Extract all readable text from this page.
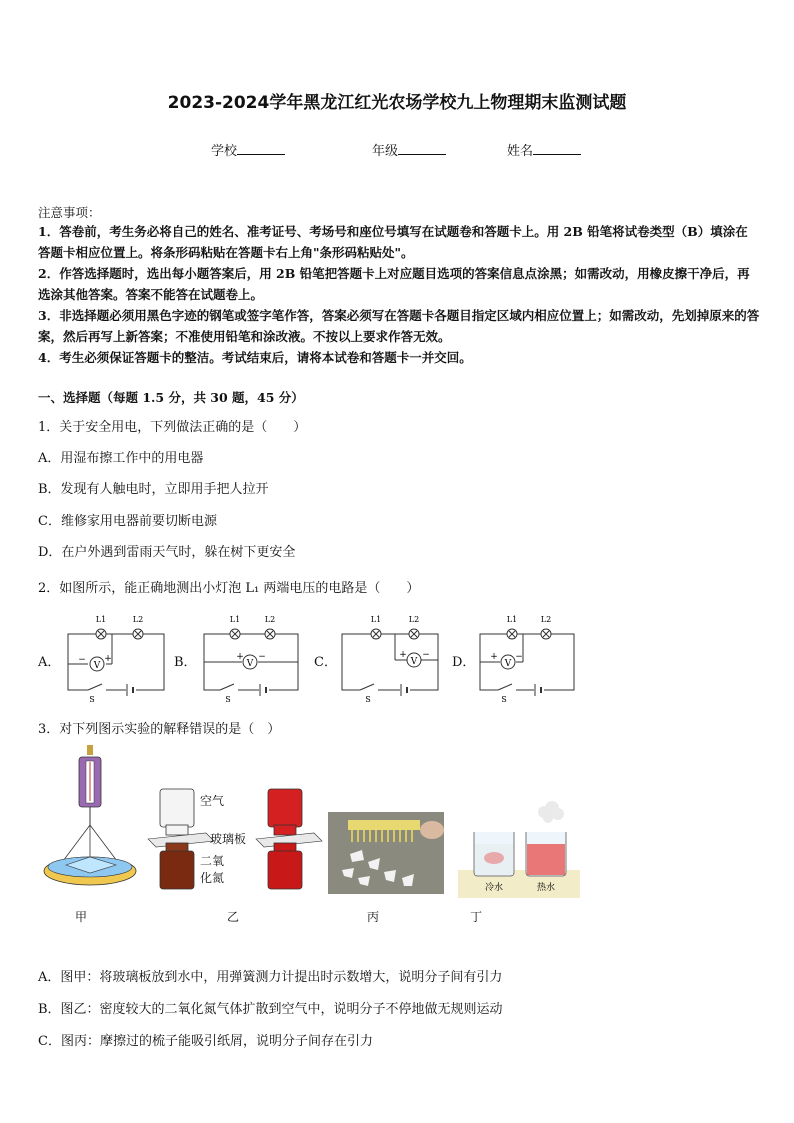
2023-2024学年黑龙江红光农场学校九上物理期末监测试题
学校	年级	姓名
注意事项：
1．答卷前，考生务必将自己的姓名、准考证号、考场号和座位号填写在试题卷和答题卡上。用 2B 铅笔将试卷类型（B）填涂在答题卡相应位置上。将条形码粘贴在答题卡右上角"条形码粘贴处"。
2．作答选择题时，选出每小题答案后，用 2B 铅笔把答题卡上对应题目选项的答案信息点涂黑；如需改动，用橡皮擦干净后，再选涂其他答案。答案不能答在试题卷上。
3．非选择题必须用黑色字迹的钢笔或签字笔作答，答案必须写在答题卡各题目指定区域内相应位置上；如需改动，先划掉原来的答案，然后再写上新答案；不准使用铅笔和涂改液。不按以上要求作答无效。
4．考生必须保证答题卡的整洁。考试结束后，请将本试卷和答题卡一并交回。
一、选择题（每题 1.5 分，共 30 题，45 分）
1．关于安全用电，下列做法正确的是（　　）
A．用湿布擦工作中的用电器
B．发现有人触电时，立即用手把人拉开
C．维修家用电器前要切断电源
D．在户外遇到雷雨天气时，躲在树下更安全
2．如图所示，能正确地测出小灯泡 L₁ 两端电压的电路是（　　）
A．	B．	C．	D．
V
− +
L1	L2
S
V
+ −
L1	L2
S
V
+ −
L1	L2
S
V
+ −
L1	L2
S
3．对下列图示实验的解释错误的是（　）
空气
玻璃板
二氧化氮
冷水	热水
甲	乙	丙	丁
A．图甲：将玻璃板放到水中，用弹簧测力计提出时示数增大，说明分子间有引力
B．图乙：密度较大的二氧化氮气体扩散到空气中，说明分子不停地做无规则运动
C．图丙：摩擦过的梳子能吸引纸屑，说明分子间存在引力
